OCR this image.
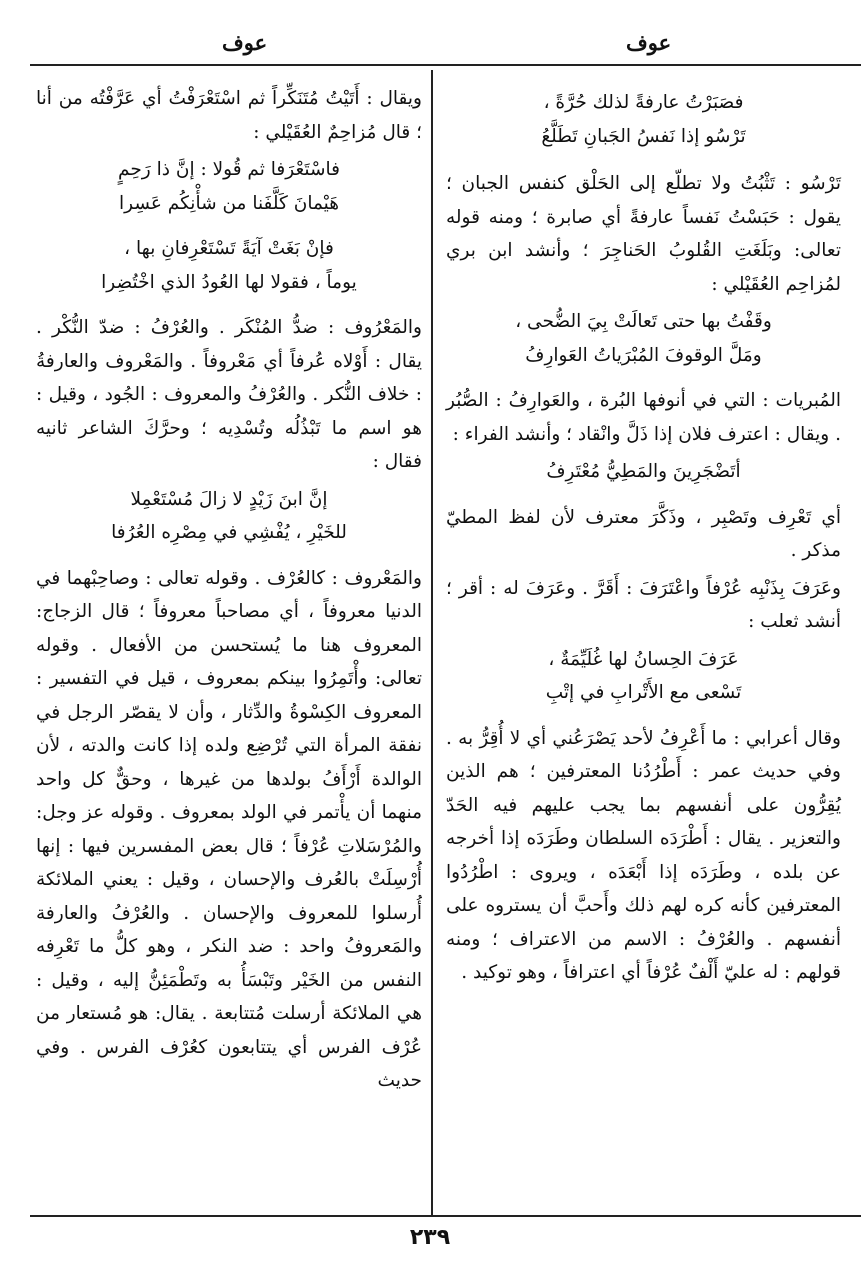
عوف
عوف
فصَبَرْتُ عارفةً لذلك حُرَّةً ،
تَرْسُو إذا نَفسُ الجَبانِ تَطَلَّعُ

تَرْسُو : تَثْبُتُ ولا تطلّع إلى الحَلْق كنفس الجبان ؛ يقول : حَبَسْتُ نَفساً عارفةً أي صابرة ؛ ومنه قوله تعالى: وبَلَغَتِ القُلوبُ الحَناجِرَ ؛ وأنشد ابن بري لمُزاحِم العُقَيْلي :

وقَفْتُ بها حتى تَعالَتْ بِيَ الضُّحى ،
ومَلَّ الوقوفَ المُبْرَياتُ العَوارِفُ

المُبريات : التي في أنوفها البُرة ، والعَوارِفُ : الصُّبُر . ويقال : اعترف فلان إذا ذَلَّ وانْقاد ؛ وأنشد الفراء :

أتَضْجَرِينَ والمَطِيُّ مُعْتَرِفُ

أي تَعْرِف وتَصْبِر ، وذَكَّرَ معترف لأن لفظ المطيّ مذكر .

وعَرَفَ بِذَنْبِه عُرْفاً واعْتَرَفَ : أَقَرَّ . وعَرَفَ له : أقر ؛ أنشد ثعلب :

عَرَفَ الحِسانُ لها غُلَيِّمَةٌ ،
تَسْعى مع الأَتْرابِ في إتْبِ

وقال أعرابي : ما أَعْرِفُ لأحد يَصْرَعُني أي لا أُقِرُّ به . وفي حديث عمر : أَطْرُدُنا المعترفين ؛ هم الذين يُقِرُّون على أنفسهم بما يجب عليهم فيه الحَدّ والتعزير . يقال : أَطْرَدَه السلطان وطَرَدَه إذا أخرجه عن بلده ، وطَرَدَه إذا أَبْعَدَه ، ويروى : اطْرُدُوا المعترفين كأنه كره لهم ذلك وأَحبَّ أن يستروه على أنفسهم . والعُرْفُ : الاسم من الاعتراف ؛ ومنه قولهم : له عليّ أَلْفٌ عُرْفاً أي اعترافاً ، وهو توكيد .

ويقال : أَتَيْتُ مُتَنَكِّراً ثم اسْتَعْرَفْتُ أي عَرَّفْتُه من أنا ؛ قال مُزاحِمٌ العُقَيْلي :

فاسْتَعْرَفا ثم قُولا : إنَّ ذا رَحِمٍ
هَيْمانَ كَلَّفَنا من شأْنِكُم عَسِرا
فإنْ بَغَتْ آيَةً تَسْتَعْرِفانِ بها ،
يوماً ، فقولا لها العُودُ الذي اخْتُضِرا

والمَعْرُوف : ضدُّ المُنْكَر . والعُرْفُ : ضدّ النُّكْر . يقال : أَوْلاه عُرفاً أي مَعْروفاً . والمَعْروف والعارفةُ : خلاف النُّكر . والعُرْفُ والمعروف : الجُود ، وقيل : هو اسم ما تَبْذُلُه وتُسْدِيه ؛ وحرَّكَ الشاعر ثانيه فقال :

إنَّ ابنَ زَيْدٍ لا زالَ مُسْتَعْمِلا
للخَيْرِ ، يُفْشِي في مِصْرِه العُرُفا

والمَعْروف : كالعُرْف . وقوله تعالى : وصاحِبْهما في الدنيا معروفاً ، أي مصاحباً معروفاً ؛ قال الزجاج: المعروف هنا ما يُستحسن من الأفعال . وقوله تعالى: وأْتَمِرُوا بينكم بمعروف ، قيل في التفسير : المعروف الكِسْوةُ والدِّثار ، وأن لا يقصّر الرجل في نفقة المرأة التي تُرْضِع ولده إذا كانت والدته ، لأن الوالدة أَرْأَفُ بولدها من غيرها ، وحقٌّ كل واحد منهما أن يأْتمر في الولد بمعروف . وقوله عز وجل: والمُرْسَلاتِ عُرْفاً ؛ قال بعض المفسرين فيها : إنها أُرْسِلَتْ بالعُرف والإحسان ، وقيل : يعني الملائكة أُرسلوا للمعروف والإحسان . والعُرْفُ والعارفة والمَعروفُ واحد : ضد النكر ، وهو كلُّ ما تَعْرِفه النفس من الخَيْر وتَبْسَأُ به وتَطْمَئِنُّ إليه ، وقيل : هي الملائكة أرسلت مُتتابعة . يقال: هو مُستعار من عُرْف الفرس أي يتتابعون كعُرْف الفرس . وفي حديث

٢٣٩
